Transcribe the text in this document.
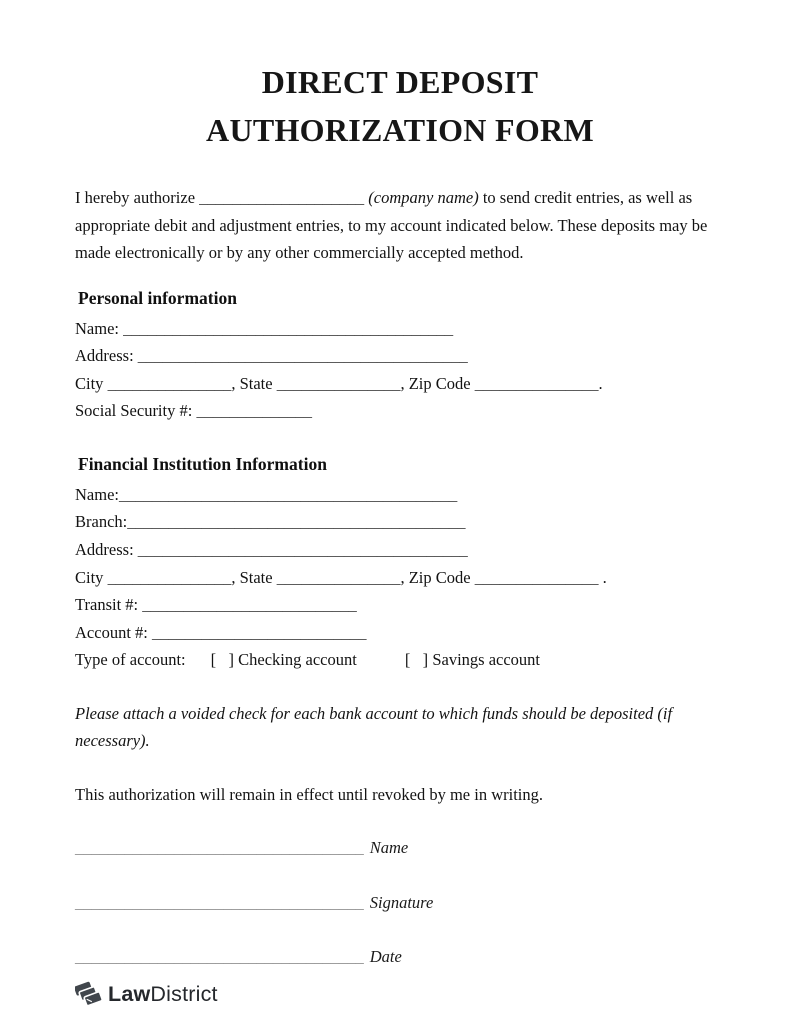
DIRECT DEPOSIT
AUTHORIZATION FORM

I hereby authorize ____________________ (company name) to send credit entries, as well as appropriate debit and adjustment entries, to my account indicated below. These deposits may be made electronically or by any other commercially accepted method.

Personal information
Name: ________________________________________
Address: ________________________________________
City _______________, State _______________, Zip Code _______________.
Social Security #: ______________
Financial Institution Information
Name:_________________________________________
Branch:_________________________________________
Address: ________________________________________
City _______________, State _______________, Zip Code _______________ .
Transit #: __________________________
Account #: __________________________
Type of account: [   ] Checking account	[   ] Savings account

Please attach a voided check for each bank account to which funds should be deposited (if necessary).

This authorization will remain in effect until revoked by me in writing.

___________________________________ Name
___________________________________ Signature
___________________________________ Date
LawDistrict
